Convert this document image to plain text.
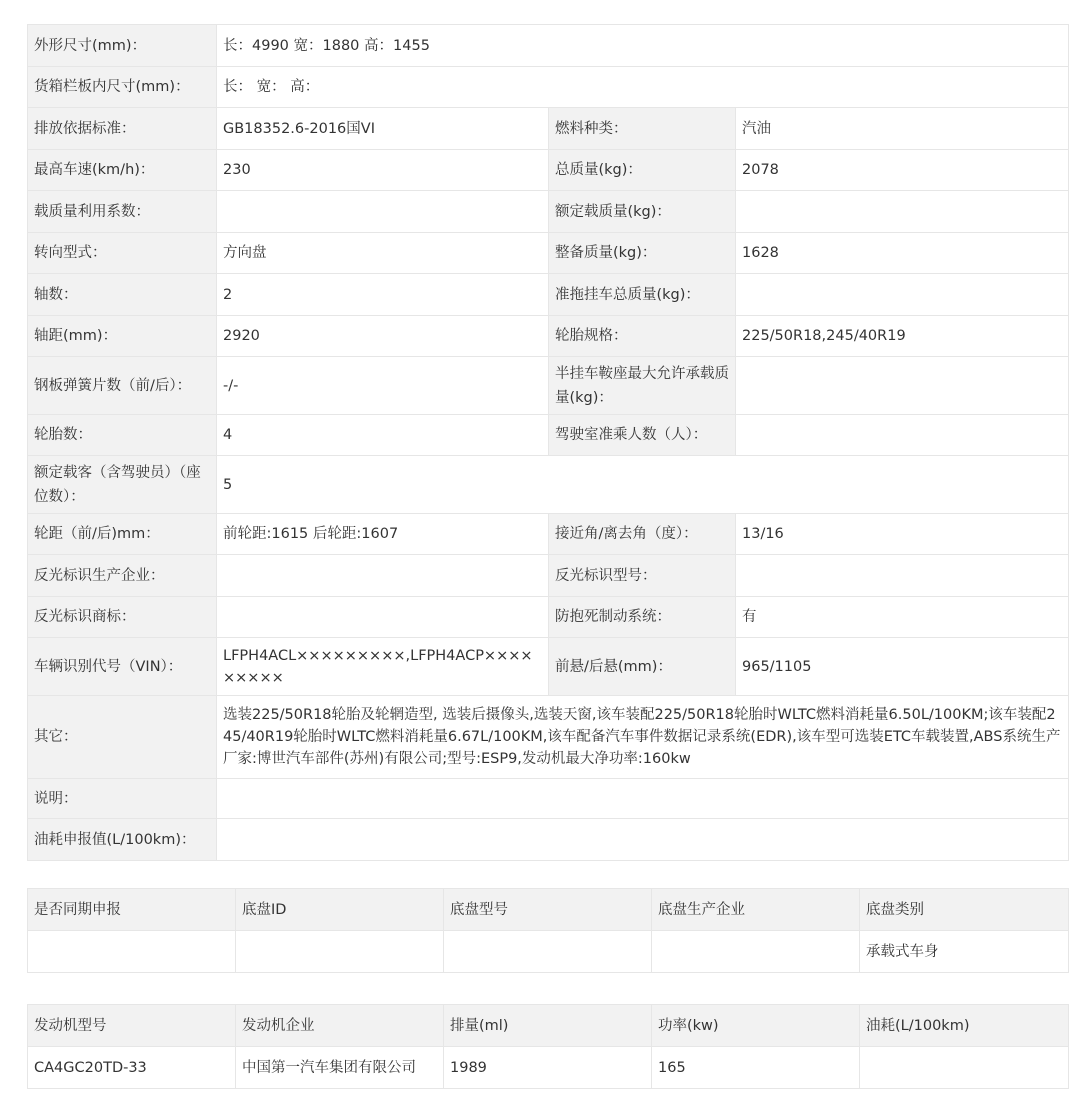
外形尺寸(mm)：	长：4990 宽：1880 高：1455		
货箱栏板内尺寸(mm)：	长： 宽： 高：		
排放依据标准：	GB18352.6-2016国VI	燃料种类：	汽油
最高车速(km/h)：	230	总质量(kg)：	2078
载质量利用系数：		额定载质量(kg)：	
转向型式：	方向盘	整备质量(kg)：	1628
轴数：	2	准拖挂车总质量(kg)：	
轴距(mm)：	2920	轮胎规格：	225/50R18,245/40R19
钢板弹簧片数（前/后）：	-/-	半挂车鞍座最大允许承载质量(kg)：	
轮胎数：	4	驾驶室准乘人数（人）：	
额定载客（含驾驶员）（座位数）：	5		
轮距（前/后)mm：	前轮距:1615 后轮距:1607	接近角/离去角（度）：	13/16
反光标识生产企业：		反光标识型号：	
反光标识商标：		防抱死制动系统：	有
车辆识别代号（VIN）：	LFPH4ACL×××××××××,LFPH4ACP×××××××××	前悬/后悬(mm)：	965/1105
其它：	选装225/50R18轮胎及轮辋造型, 选装后摄像头,选装天窗,该车装配225/50R18轮胎时WLTC燃料消耗量6.50L/100KM;该车装配245/40R19轮胎时WLTC燃料消耗量6.67L/100KM,该车配备汽车事件数据记录系统(EDR),该车型可选装ETC车载装置,ABS系统生产厂家:博世汽车部件(苏州)有限公司;型号:ESP9,发动机最大净功率:160kw		
说明：			
油耗申报值(L/100km)：			
是否同期申报	底盘ID	底盘型号	底盘生产企业	底盘类别
				承载式车身
发动机型号	发动机企业	排量(ml)	功率(kw)	油耗(L/100km)
CA4GC20TD-33	中国第一汽车集团有限公司	1989	165	
